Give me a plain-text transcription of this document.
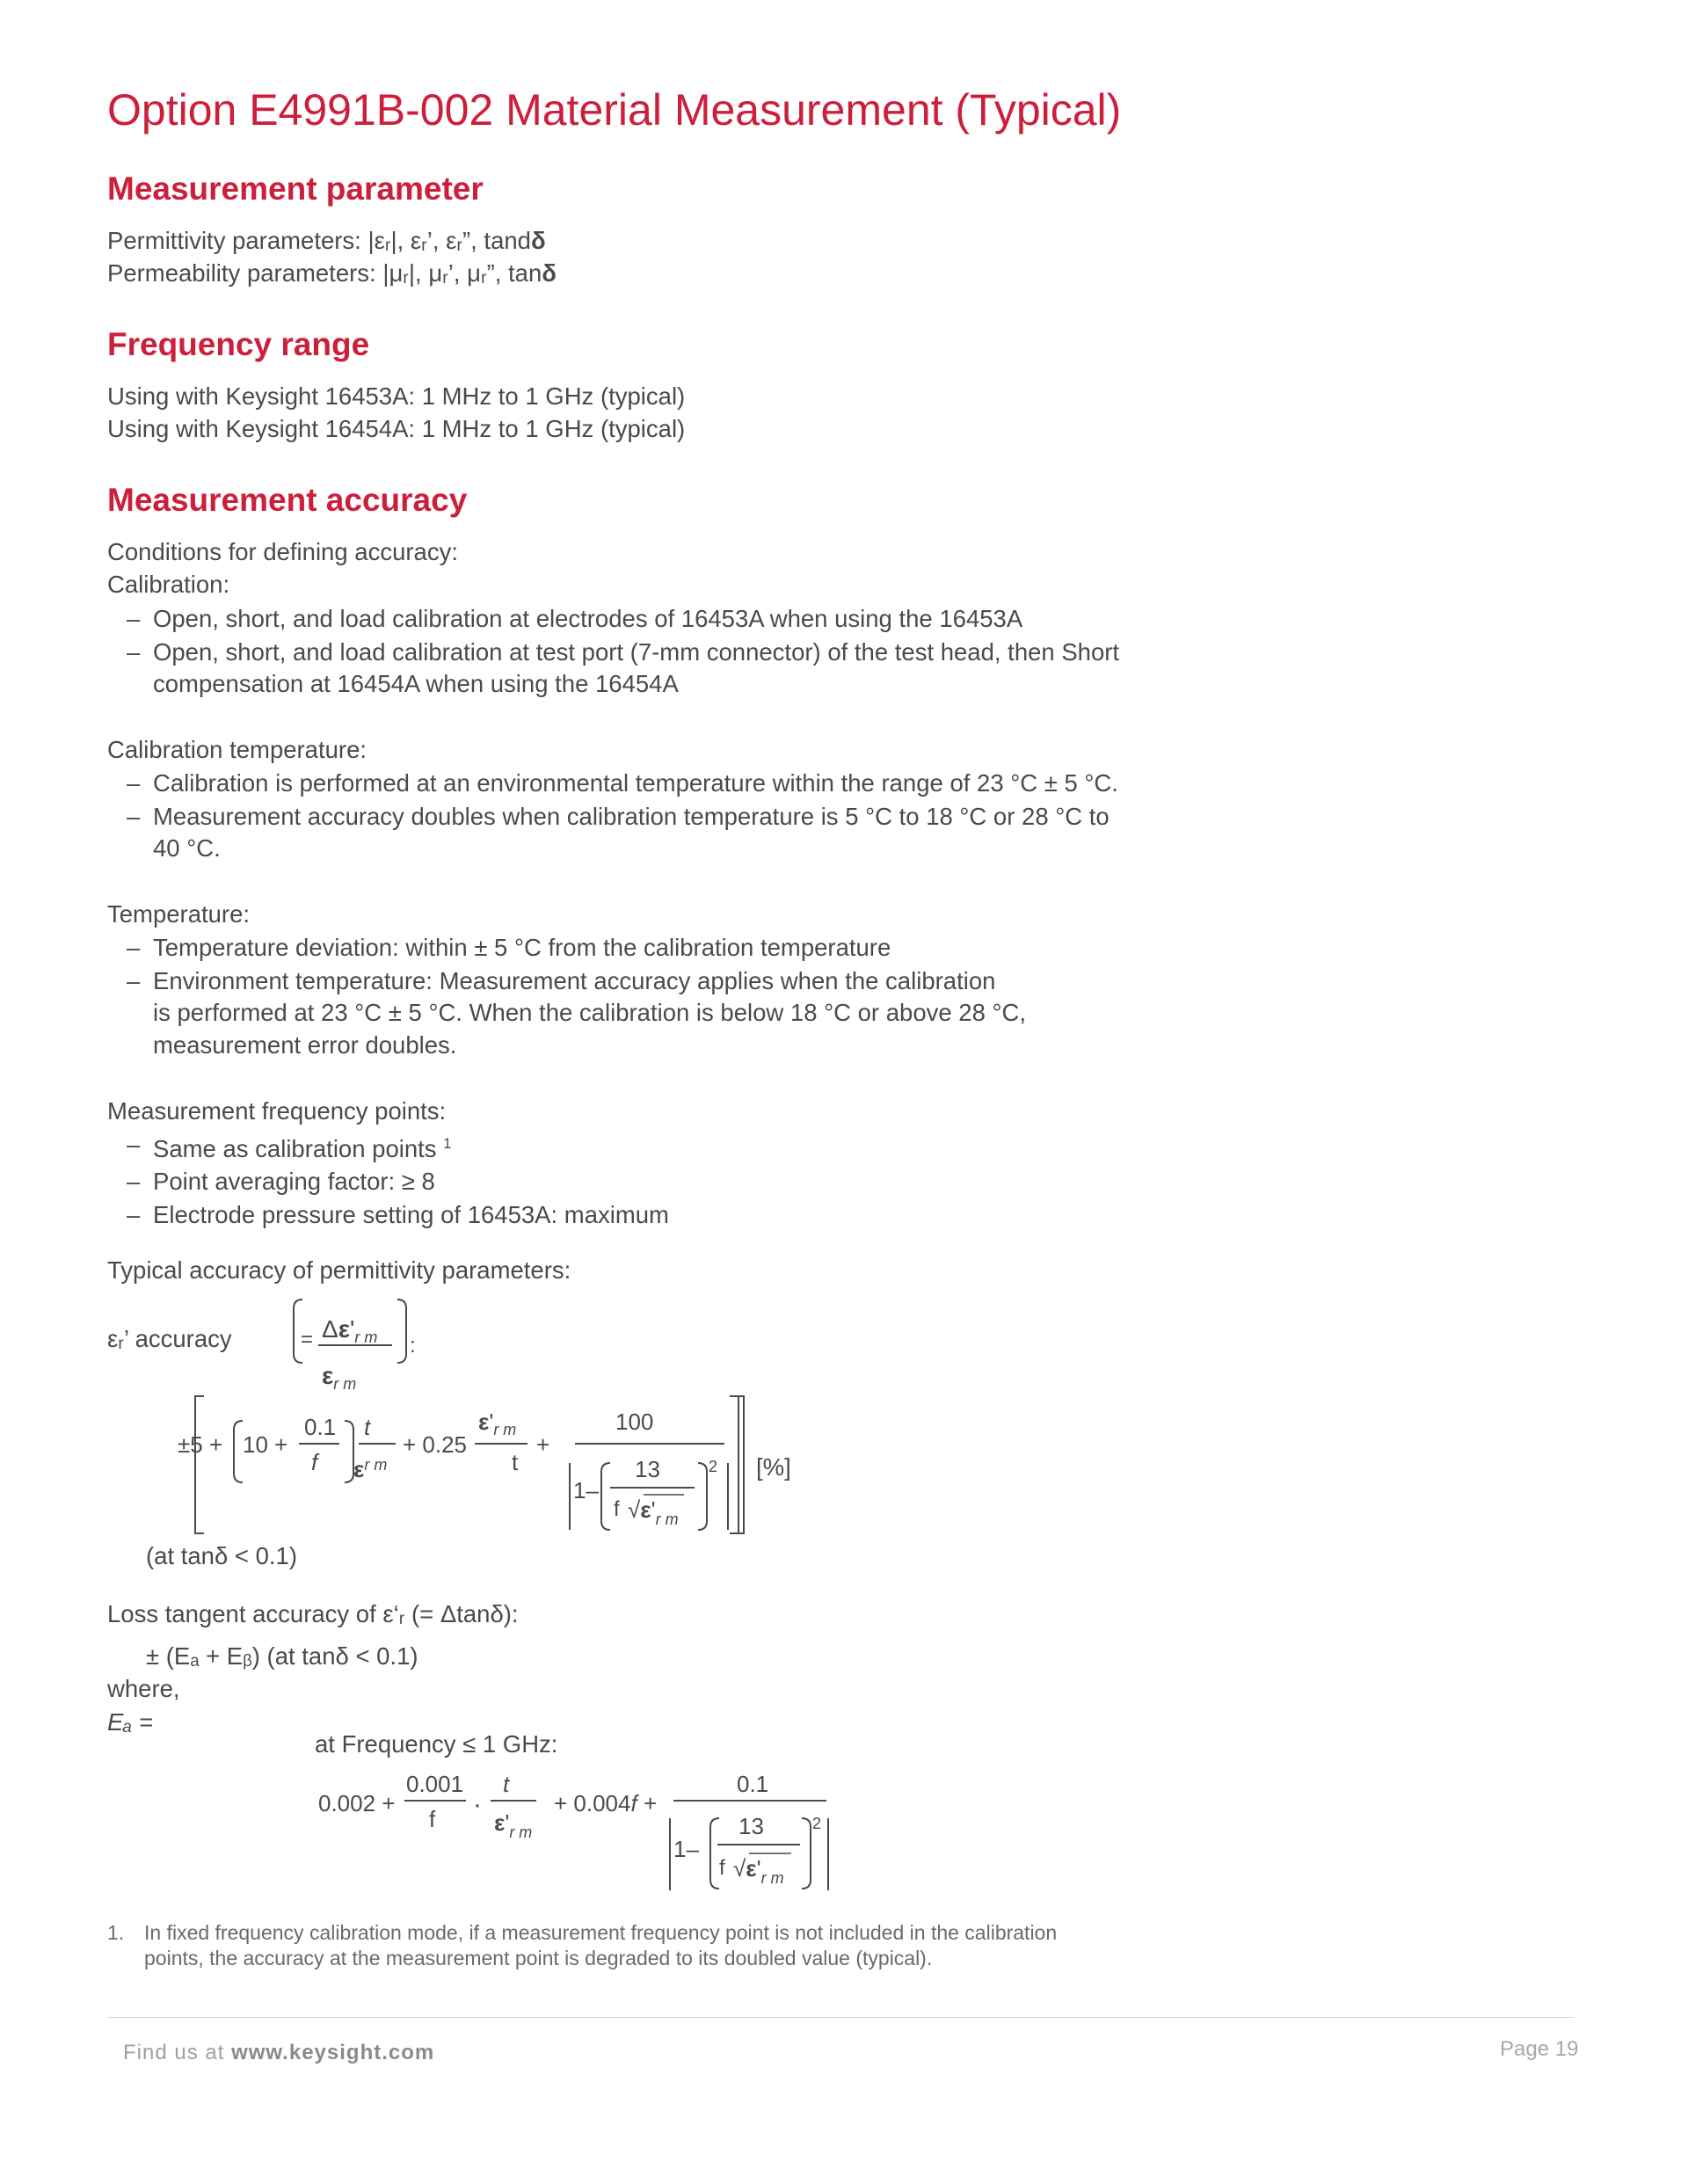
Option E4991B-002 Material Measurement (Typical)
Measurement parameter
Permittivity parameters: |εᵣ|, εᵣ’, εᵣ”, tandδ
Permeability parameters: |μᵣ|, μᵣ’, μᵣ”, tanδ
Frequency range
Using with Keysight 16453A: 1 MHz to 1 GHz (typical)
Using with Keysight 16454A: 1 MHz to 1 GHz (typical)
Measurement accuracy
Conditions for defining accuracy:
Calibration:
– Open, short, and load calibration at electrodes of 16453A when using the 16453A
– Open, short, and load calibration at test port (7-mm connector) of the test head, then Short
compensation at 16454A when using the 16454A
Calibration temperature:
– Calibration is performed at an environmental temperature within the range of 23 °C ± 5 °C.
– Measurement accuracy doubles when calibration temperature is 5 °C to 18 °C or 28 °C to
40 °C.
Temperature:
– Temperature deviation: within ± 5 °C from the calibration temperature
– Environment temperature: Measurement accuracy applies when the calibration
is performed at 23 °C ± 5 °C. When the calibration is below 18 °C or above 28 °C,
measurement error doubles.
Measurement frequency points:
– Same as calibration points $^1$
– Point averaging factor: ≥ 8
– Electrode pressure setting of 16453A: maximum
Typical accuracy of permittivity parameters:
εᵣ’ accuracy	= $\Delta\varepsilon'_{r m}$
$\varepsilon_{r m}$
:
±5 + 10 +
0.1
f
t
$\varepsilon^{r m}$
+ 0.25
$\varepsilon'_{r m}$
t
+
100
1–
13
f $√\varepsilon'_{r m}$
2 [%]
(at tanδ < 0.1)
Loss tangent accuracy of ε‘ᵣ (= Δtanδ):
± (Eₐ + Eᵦ) (at tanδ < 0.1)
where,
Eₐ =
at Frequency ≤ 1 GHz:
0.002 +
0.001
f ·
t
$\varepsilon'_{r m}$
+ 0.004f +
0.1
1–
13
f $√\varepsilon'_{r m}$
2
1. In fixed frequency calibration mode, if a measurement frequency point is not included in the calibration
points, the accuracy at the measurement point is degraded to its doubled value (typical).
Find us at www.keysight.com	Page 19
